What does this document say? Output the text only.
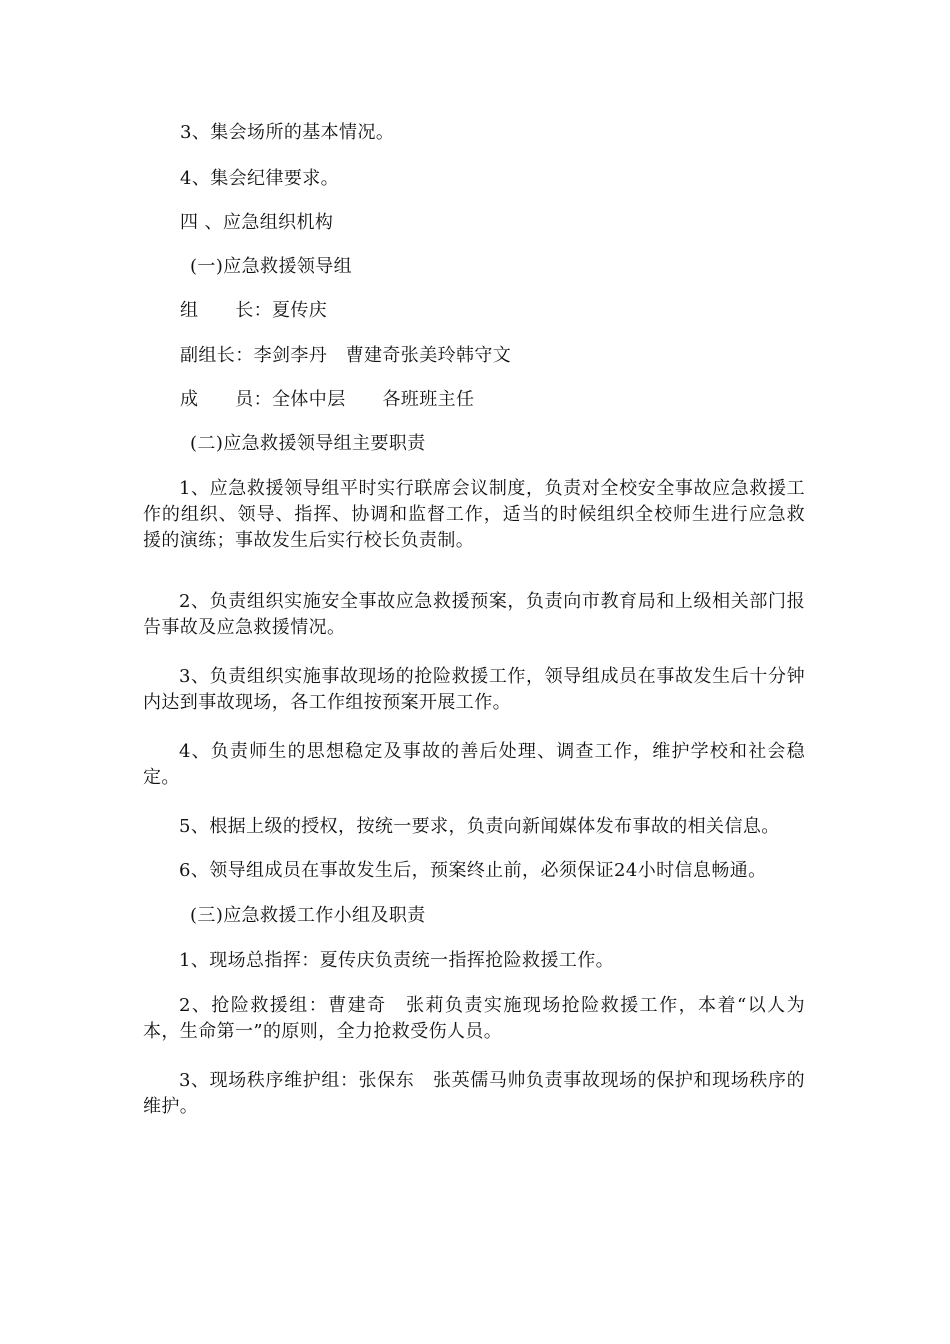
3、集会场所的基本情况。
4、集会纪律要求。
四 、应急组织机构
(一)应急救援领导组
组　　长：夏传庆
副组长：李剑李丹　曹建奇张美玲韩守文
成　　员：全体中层　　各班班主任
(二)应急救援领导组主要职责
1、应急救援领导组平时实行联席会议制度，负责对全校安全事故应急救援工作的组织、领导、指挥、协调和监督工作，适当的时候组织全校师生进行应急救援的演练；事故发生后实行校长负责制。
2、负责组织实施安全事故应急救援预案，负责向市教育局和上级相关部门报告事故及应急救援情况。
3、负责组织实施事故现场的抢险救援工作，领导组成员在事故发生后十分钟内达到事故现场，各工作组按预案开展工作。
4、负责师生的思想稳定及事故的善后处理、调查工作，维护学校和社会稳定。
5、根据上级的授权，按统一要求，负责向新闻媒体发布事故的相关信息。
6、领导组成员在事故发生后，预案终止前，必须保证24小时信息畅通。
(三)应急救援工作小组及职责
1、现场总指挥：夏传庆负责统一指挥抢险救援工作。
2、抢险救援组：曹建奇　张莉负责实施现场抢险救援工作，本着“以人为本，生命第一”的原则，全力抢救受伤人员。
3、现场秩序维护组：张保东　张英儒马帅负责事故现场的保护和现场秩序的维护。
